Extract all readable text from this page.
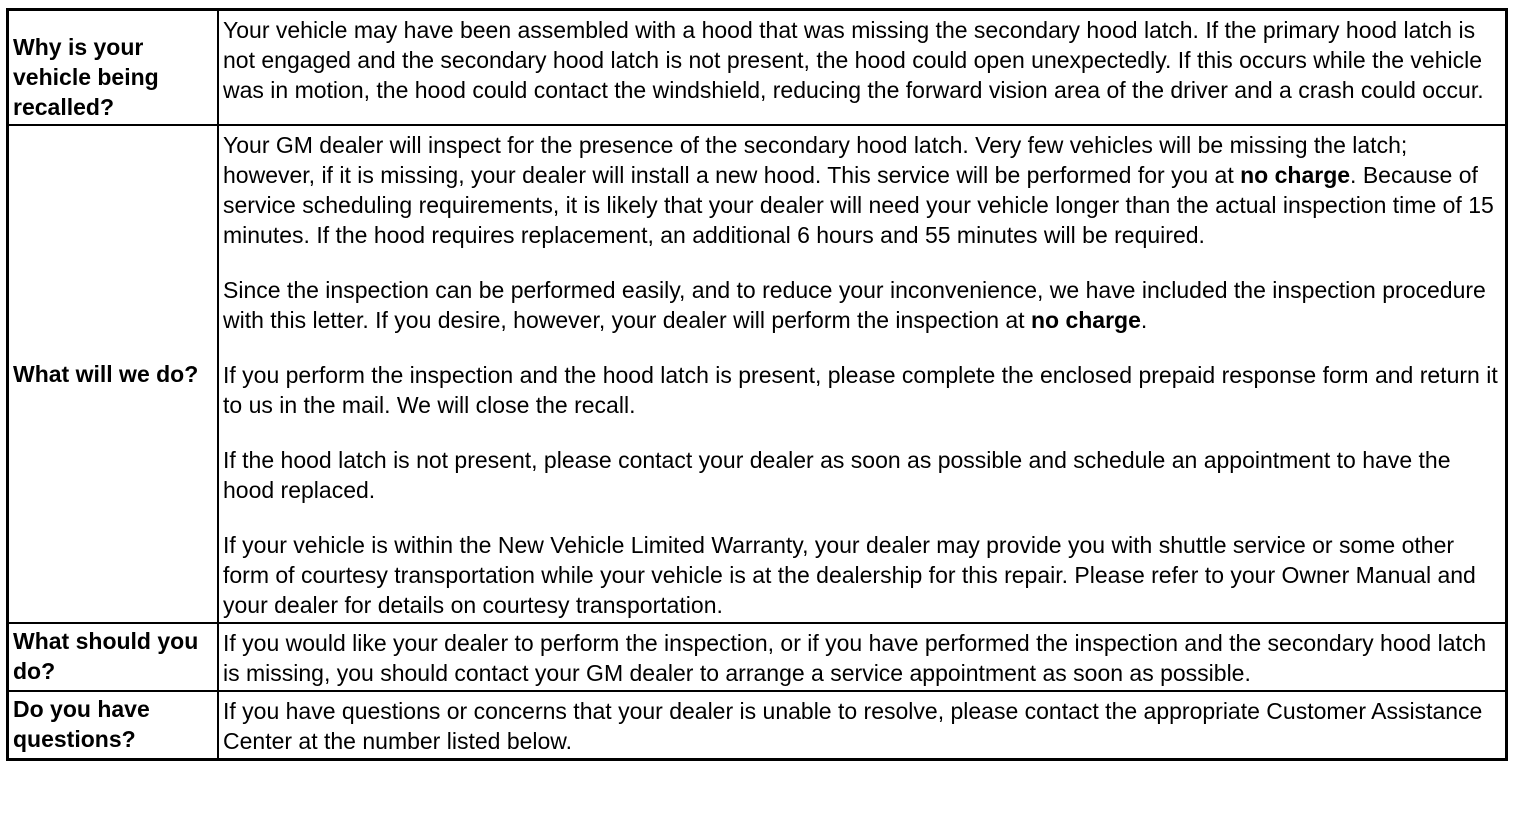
Why is your vehicle being recalled?	Your vehicle may have been assembled with a hood that was missing the secondary hood latch. If the primary hood latch is not engaged and the secondary hood latch is not present, the hood could open unexpectedly. If this occurs while the vehicle was in motion, the hood could contact the windshield, reducing the forward vision area of the driver and a crash could occur.

What will we do?	Your GM dealer will inspect for the presence of the secondary hood latch. Very few vehicles will be missing the latch; however, if it is missing, your dealer will install a new hood. This service will be performed for you at no charge. Because of service scheduling requirements, it is likely that your dealer will need your vehicle longer than the actual inspection time of 15 minutes. If the hood requires replacement, an additional 6 hours and 55 minutes will be required.

Since the inspection can be performed easily, and to reduce your inconvenience, we have included the inspection procedure with this letter. If you desire, however, your dealer will perform the inspection at no charge.

If you perform the inspection and the hood latch is present, please complete the enclosed prepaid response form and return it to us in the mail. We will close the recall.

If the hood latch is not present, please contact your dealer as soon as possible and schedule an appointment to have the hood replaced.

If your vehicle is within the New Vehicle Limited Warranty, your dealer may provide you with shuttle service or some other form of courtesy transportation while your vehicle is at the dealership for this repair. Please refer to your Owner Manual and your dealer for details on courtesy transportation.

What should you do?	If you would like your dealer to perform the inspection, or if you have performed the inspection and the secondary hood latch is missing, you should contact your GM dealer to arrange a service appointment as soon as possible.

Do you have questions?	If you have questions or concerns that your dealer is unable to resolve, please contact the appropriate Customer Assistance Center at the number listed below.
